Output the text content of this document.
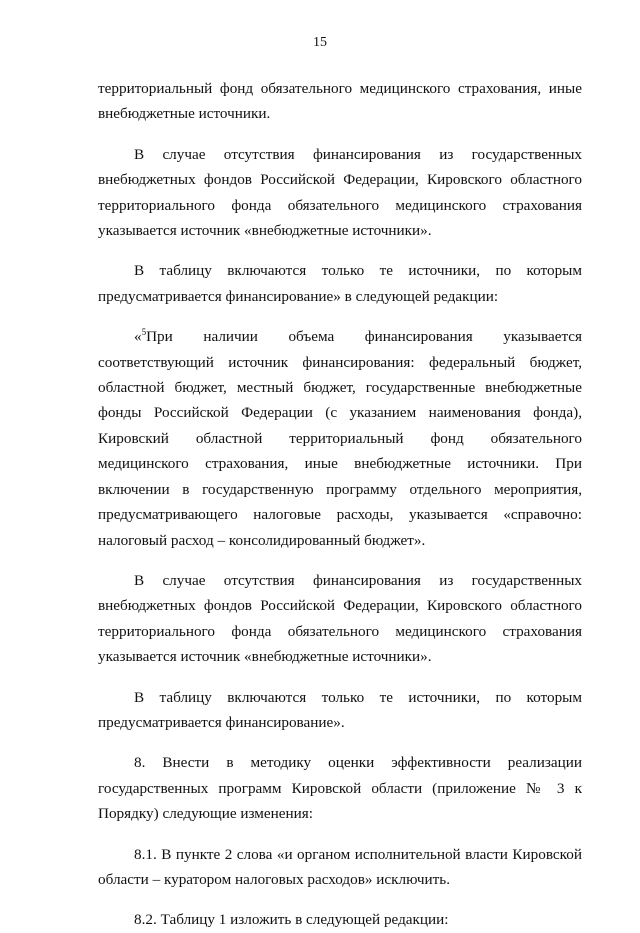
15

территориальный фонд обязательного медицинского страхования, иные внебюджетные источники.

В случае отсутствия финансирования из государственных внебюджетных фондов Российской Федерации, Кировского областного территориального фонда обязательного медицинского страхования указывается источник «внебюджетные источники».

В таблицу включаются только те источники, по которым предусматривается финансирование» в следующей редакции:

«$^5$При наличии объема финансирования указывается соответствующий источник финансирования: федеральный бюджет, областной бюджет, местный бюджет, государственные внебюджетные фонды Российской Федерации (с указанием наименования фонда), Кировский областной территориальный фонд обязательного медицинского страхования, иные внебюджетные источники. При включении в государственную программу отдельного мероприятия, предусматривающего налоговые расходы, указывается «справочно: налоговый расход – консолидированный бюджет».

В случае отсутствия финансирования из государственных внебюджетных фондов Российской Федерации, Кировского областного территориального фонда обязательного медицинского страхования указывается источник «внебюджетные источники».

В таблицу включаются только те источники, по которым предусматривается финансирование».

8. Внести в методику оценки эффективности реализации государственных программ Кировской области (приложение № 3 к Порядку) следующие изменения:

8.1. В пункте 2 слова «и органом исполнительной власти Кировской области – куратором налоговых расходов» исключить.

8.2. Таблицу 1 изложить в следующей редакции:
